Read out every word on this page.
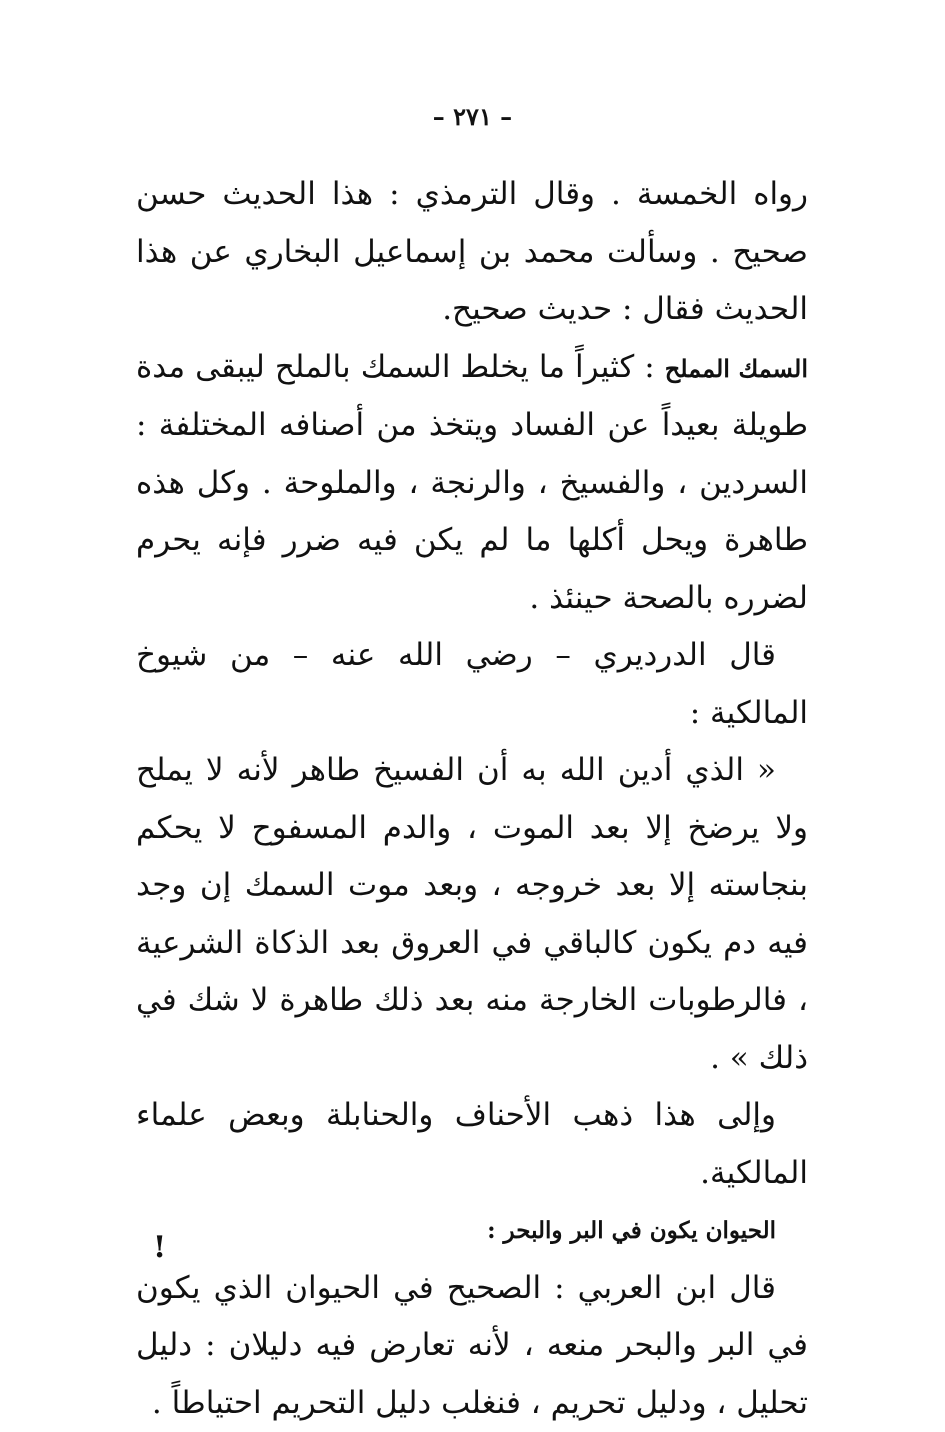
– ٢٧١ –

رواه الخمسة . وقال الترمذي : هذا الحديث حسن صحيح . وسألت محمد بن إسماعيل البخاري عن هذا الحديث فقال : حديث صحيح.

السمك المملح : كثيراً ما يخلط السمك بالملح ليبقى مدة طويلة بعيداً عن الفساد ويتخذ من أصنافه المختلفة : السردين ، والفسيخ ، والرنجة ، والملوحة . وكل هذه طاهرة ويحل أكلها ما لم يكن فيه ضرر فإنه يحرم لضرره بالصحة حينئذ .

قال الدرديري – رضي الله عنه – من شيوخ المالكية :

« الذي أدين الله به أن الفسيخ طاهر لأنه لا يملح ولا يرضخ إلا بعد الموت ، والدم المسفوح لا يحكم بنجاسته إلا بعد خروجه ، وبعد موت السمك إن وجد فيه دم يكون كالباقي في العروق بعد الذكاة الشرعية ، فالرطوبات الخارجة منه بعد ذلك طاهرة لا شك في ذلك » .

وإلى هذا ذهب الأحناف والحنابلة وبعض علماء المالكية.

الحيوان يكون في البر والبحر :

قال ابن العربي : الصحيح في الحيوان الذي يكون في البر والبحر منعه ، لأنه تعارض فيه دليلان : دليل تحليل ، ودليل تحريم ، فنغلب دليل التحريم احتياطاً .

!
